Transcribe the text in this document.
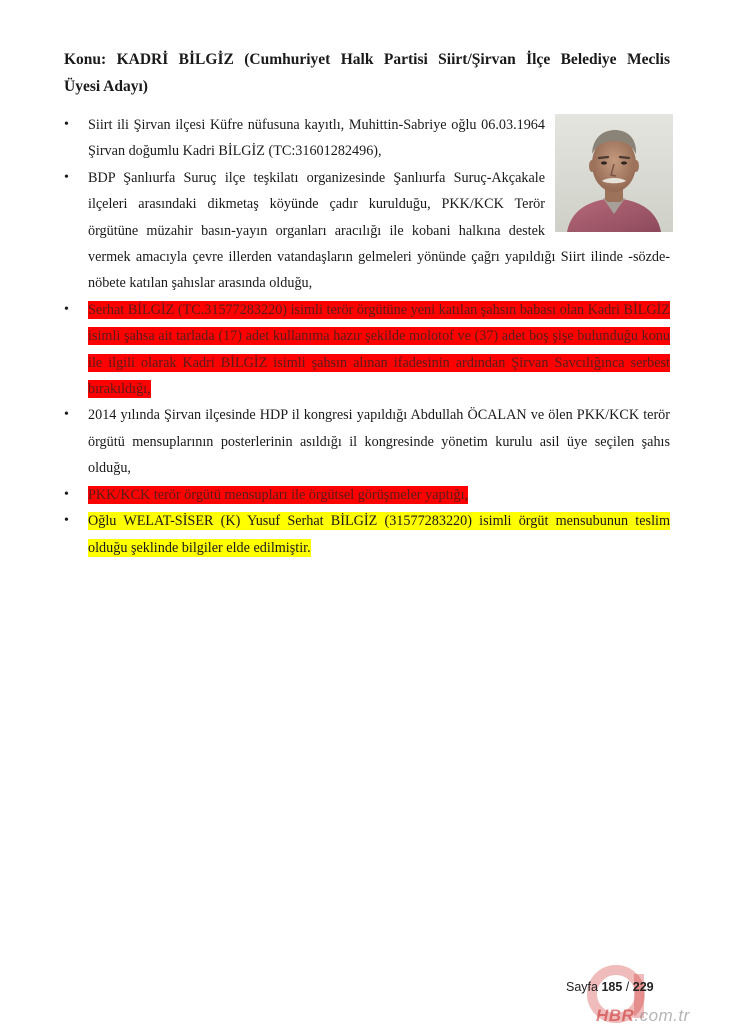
Konu: KADRİ BİLGİZ (Cumhuriyet Halk Partisi Siirt/Şirvan İlçe Belediye Meclis
Üyesi Adayı)
•	Siirt ili Şirvan ilçesi Küfre nüfusuna kayıtlı, Muhittin-Sabriye oğlu 06.03.1964 Şirvan doğumlu Kadri BİLGİZ (TC:31601282496),
•	BDP Şanlıurfa Suruç ilçe teşkilatı organizesinde Şanlıurfa Suruç-Akçakale ilçeleri arasındaki dikmetaş köyünde çadır kurulduğu, PKK/KCK Terör örgütüne müzahir basın-yayın organları aracılığı ile kobani halkına destek vermek amacıyla çevre illerden vatandaşların gelmeleri yönünde çağrı yapıldığı Siirt ilinde -sözde- nöbete katılan şahıslar arasında olduğu,
•	Serhat BİLGİZ (TC.31577283220) isimli terör örgütüne yeni katılan şahsın babası olan Kadri BİLGİZ isimli şahsa ait tarlada (17) adet kullanıma hazır şekilde molotof ve (37) adet boş şişe bulunduğu konu ile ilgili olarak Kadri BİLGİZ isimli şahsın alınan ifadesinin ardından Şirvan Savcılığınca serbest bırakıldığı,
•	2014 yılında Şirvan ilçesinde HDP il kongresi yapıldığı Abdullah ÖCALAN ve ölen PKK/KCK terör örgütü mensuplarının posterlerinin asıldığı il kongresinde yönetim kurulu asil üye seçilen şahıs olduğu,
•	PKK/KCK terör örgütü mensupları ile örgütsel görüşmeler yaptığı,
•	Oğlu WELAT-SİSER (K) Yusuf Serhat BİLGİZ (31577283220) isimli örgüt mensubunun teslim olduğu şeklinde bilgiler elde edilmiştir.
Sayfa 185 / 229
HBR.com.tr
